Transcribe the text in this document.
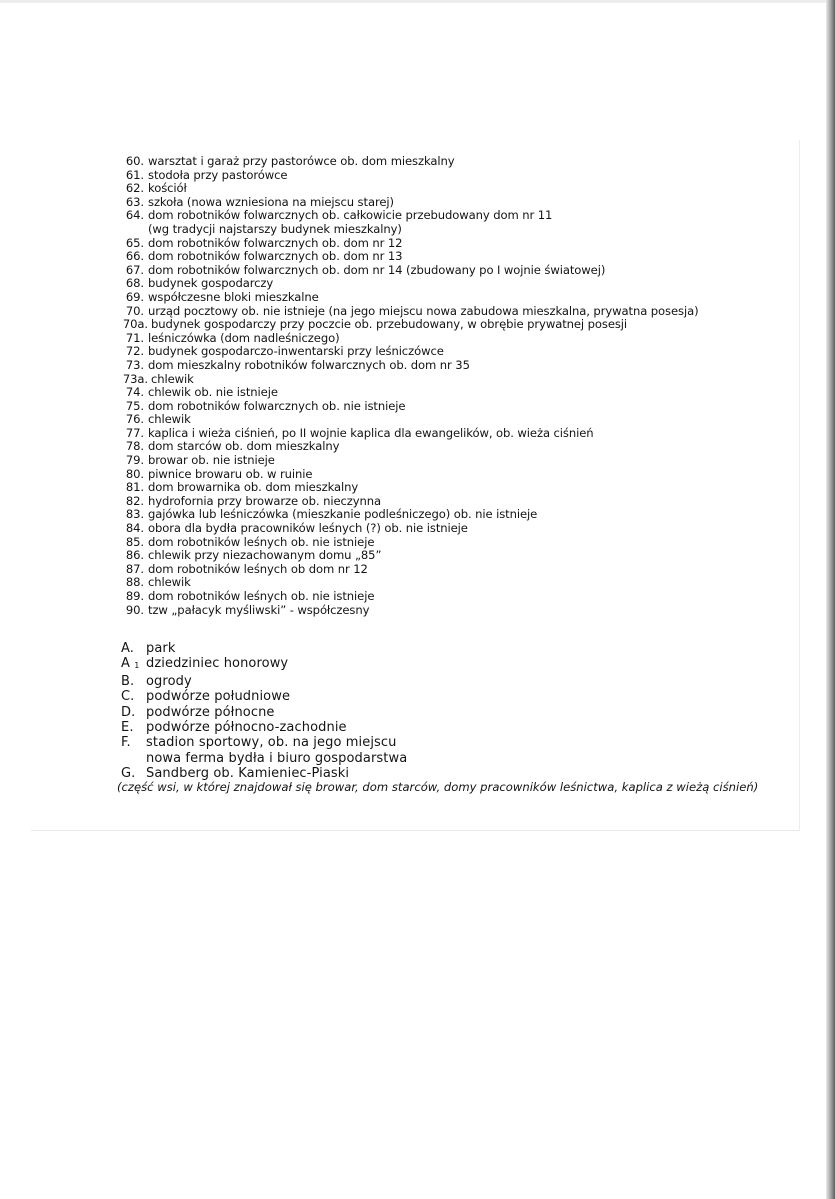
60. warsztat i garaż przy pastorówce ob. dom mieszkalny
61. stodoła przy pastorówce
62. kościół
63. szkoła (nowa wzniesiona na miejscu starej)
64. dom robotników folwarcznych ob. całkowicie przebudowany dom nr 11
(wg tradycji najstarszy budynek mieszkalny)
65. dom robotników folwarcznych ob. dom nr 12
66. dom robotników folwarcznych ob. dom nr 13
67. dom robotników folwarcznych ob. dom nr 14 (zbudowany po I wojnie światowej)
68. budynek gospodarczy
69. współczesne bloki mieszkalne
70. urząd pocztowy ob. nie istnieje (na jego miejscu nowa zabudowa mieszkalna, prywatna posesja)
70a. budynek gospodarczy przy poczcie ob. przebudowany, w obrębie prywatnej posesji
71. leśniczówka (dom nadleśniczego)
72. budynek gospodarczo-inwentarski przy leśniczówce
73. dom mieszkalny robotników folwarcznych ob. dom nr 35
73a. chlewik
74. chlewik ob. nie istnieje
75. dom robotników folwarcznych ob. nie istnieje
76. chlewik
77. kaplica i wieża ciśnień, po II wojnie kaplica dla ewangelików, ob. wieża ciśnień
78. dom starców ob. dom mieszkalny
79. browar ob. nie istnieje
80. piwnice browaru ob. w ruinie
81. dom browarnika ob. dom mieszkalny
82. hydrofornia przy browarze ob. nieczynna
83. gajówka lub leśniczówka (mieszkanie podleśniczego) ob. nie istnieje
84. obora dla bydła pracowników leśnych (?) ob. nie istnieje
85. dom robotników leśnych ob. nie istnieje
86. chlewik przy niezachowanym domu „85”
87. dom robotników leśnych ob dom nr 12
88. chlewik
89. dom robotników leśnych ob. nie istnieje
90. tzw „pałacyk myśliwski” - współczesny
A. park
A $_1$ dziedziniec honorowy
B. ogrody
C. podwórze południowe
D. podwórze północne
E. podwórze północno-zachodnie
F.	stadion sportowy, ob. na jego miejscu
nowa ferma bydła i biuro gospodarstwa
G. Sandberg ob. Kamieniec-Piaski
(część wsi, w której znajdował się browar, dom starców, domy pracowników leśnictwa, kaplica z wieżą ciśnień)
